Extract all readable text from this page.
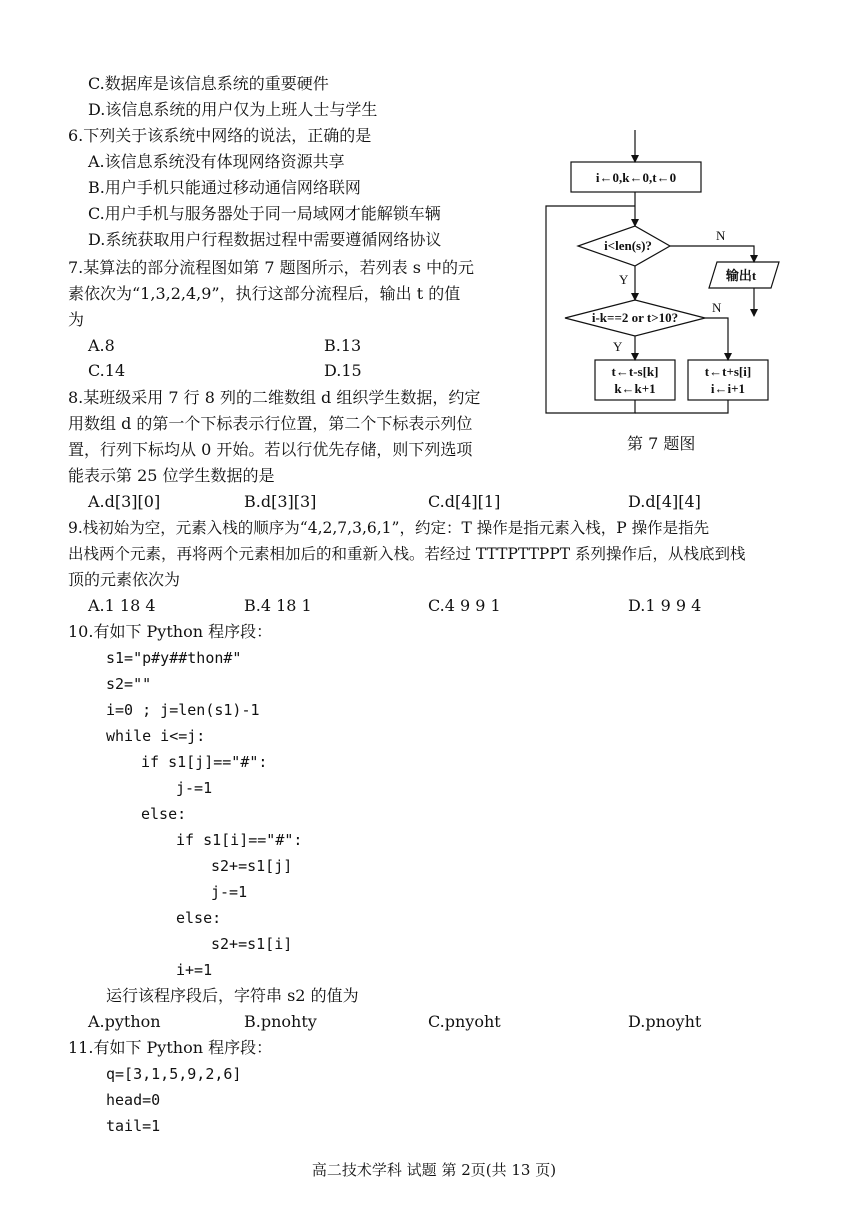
C.数据库是该信息系统的重要硬件
D.该信息系统的用户仅为上班人士与学生
6.下列关于该系统中网络的说法，正确的是
A.该信息系统没有体现网络资源共享
B.用户手机只能通过移动通信网络联网
C.用户手机与服务器处于同一局域网才能解锁车辆
D.系统获取用户行程数据过程中需要遵循网络协议
7.某算法的部分流程图如第 7 题图所示，若列表 s 中的元
素依次为“1,3,2,4,9”，执行这部分流程后，输出 t 的值
为
A.8	B.13
C.14	D.15
i←0,k←0,t←0
i<len(s)?
输出t
i-k==2 or t>10?
t←t-s[k]
k←k+1
t←t+s[i]
i←i+1
N
Y
N
Y
第 7 题图
8.某班级采用 7 行 8 列的二维数组 d 组织学生数据，约定
用数组 d 的第一个下标表示行位置，第二个下标表示列位
置，行列下标均从 0 开始。若以行优先存储，则下列选项
能表示第 25 位学生数据的是
A.d[3][0]	B.d[3][3]	C.d[4][1]	D.d[4][4]
9.栈初始为空，元素入栈的顺序为“4,2,7,3,6,1”，约定：T 操作是指元素入栈，P 操作是指先
出栈两个元素，再将两个元素相加后的和重新入栈。若经过 TTTPTTPPT 系列操作后，从栈底到栈
顶的元素依次为
A.1 18 4	B.4 18 1	C.4 9 9 1	D.1 9 9 4
10.有如下 Python 程序段：
s1="p#y##thon#"
s2=""
i=0 ; j=len(s1)-1
while i<=j:
if s1[j]=="#":
j-=1
else:
if s1[i]=="#":
s2+=s1[j]
j-=1
else:
s2+=s1[i]
i+=1
运行该程序段后，字符串 s2 的值为
A.python	B.pnohty	C.pnyoht	D.pnoyht
11.有如下 Python 程序段：
q=[3,1,5,9,2,6]
head=0
tail=1
高二技术学科 试题 第 2页(共 13 页)
